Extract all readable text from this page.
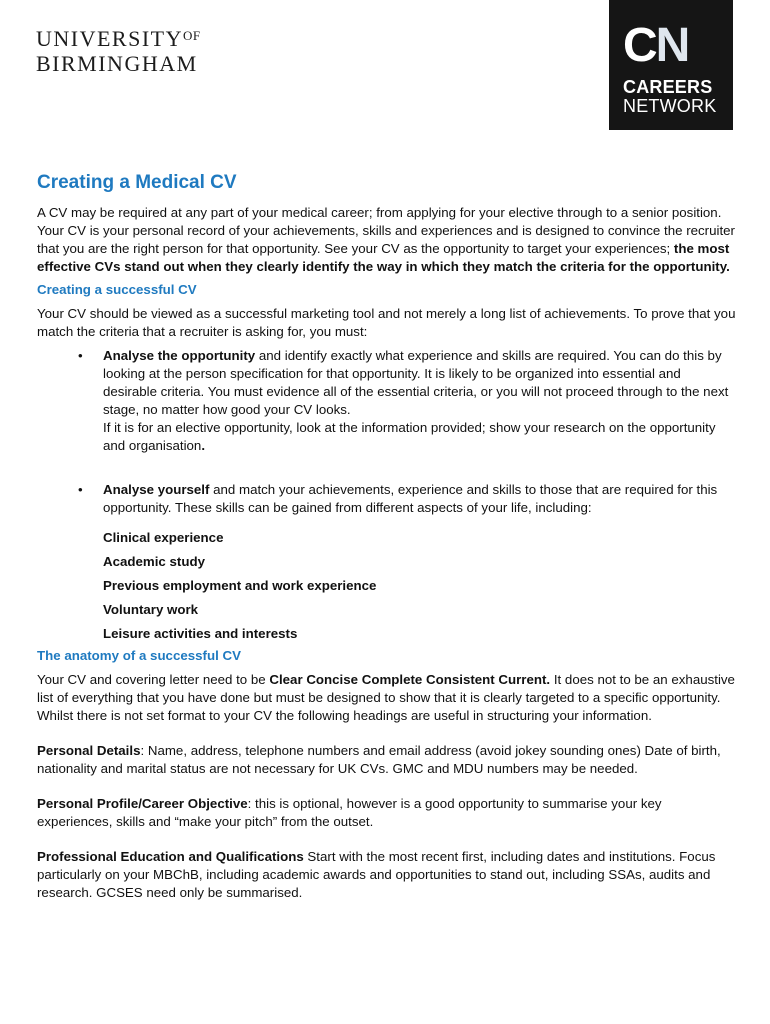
$UNIVERSITY^{OF}$
BIRMINGHAM	CN
CAREERS
NETWORK
Creating a Medical CV

A CV may be required at any part of your medical career; from applying for your elective through to a senior position. Your CV is your personal record of your achievements, skills and experiences and is designed to convince the recruiter that you are the right person for that opportunity. See your CV as the opportunity to target your experiences; the most effective CVs stand out when they clearly identify the way in which they match the criteria for the opportunity.

Creating a successful CV

Your CV should be viewed as a successful marketing tool and not merely a long list of achievements. To prove that you match the criteria that a recruiter is asking for, you must:

• Analyse the opportunity and identify exactly what experience and skills are required. You can do this by looking at the person specification for that opportunity. It is likely to be organized into essential and desirable criteria. You must evidence all of the essential criteria, or you will not proceed through to the next stage, no matter how good your CV looks.
If it is for an elective opportunity, look at the information provided; show your research on the opportunity and organisation.
• Analyse yourself and match your achievements, experience and skills to those that are required for this opportunity. These skills can be gained from different aspects of your life, including:
Clinical experience
Academic study
Previous employment and work experience
Voluntary work
Leisure activities and interests
The anatomy of a successful CV

Your CV and covering letter need to be Clear Concise Complete Consistent Current. It does not to be an exhaustive list of everything that you have done but must be designed to show that it is clearly targeted to a specific opportunity. Whilst there is not set format to your CV the following headings are useful in structuring your information.

Personal Details: Name, address, telephone numbers and email address (avoid jokey sounding ones) Date of birth, nationality and marital status are not necessary for UK CVs. GMC and MDU numbers may be needed.

Personal Profile/Career Objective: this is optional, however is a good opportunity to summarise your key experiences, skills and “make your pitch” from the outset.

Professional Education and Qualifications Start with the most recent first, including dates and institutions. Focus particularly on your MBChB, including academic awards and opportunities to stand out, including SSAs, audits and research. GCSES need only be summarised.
